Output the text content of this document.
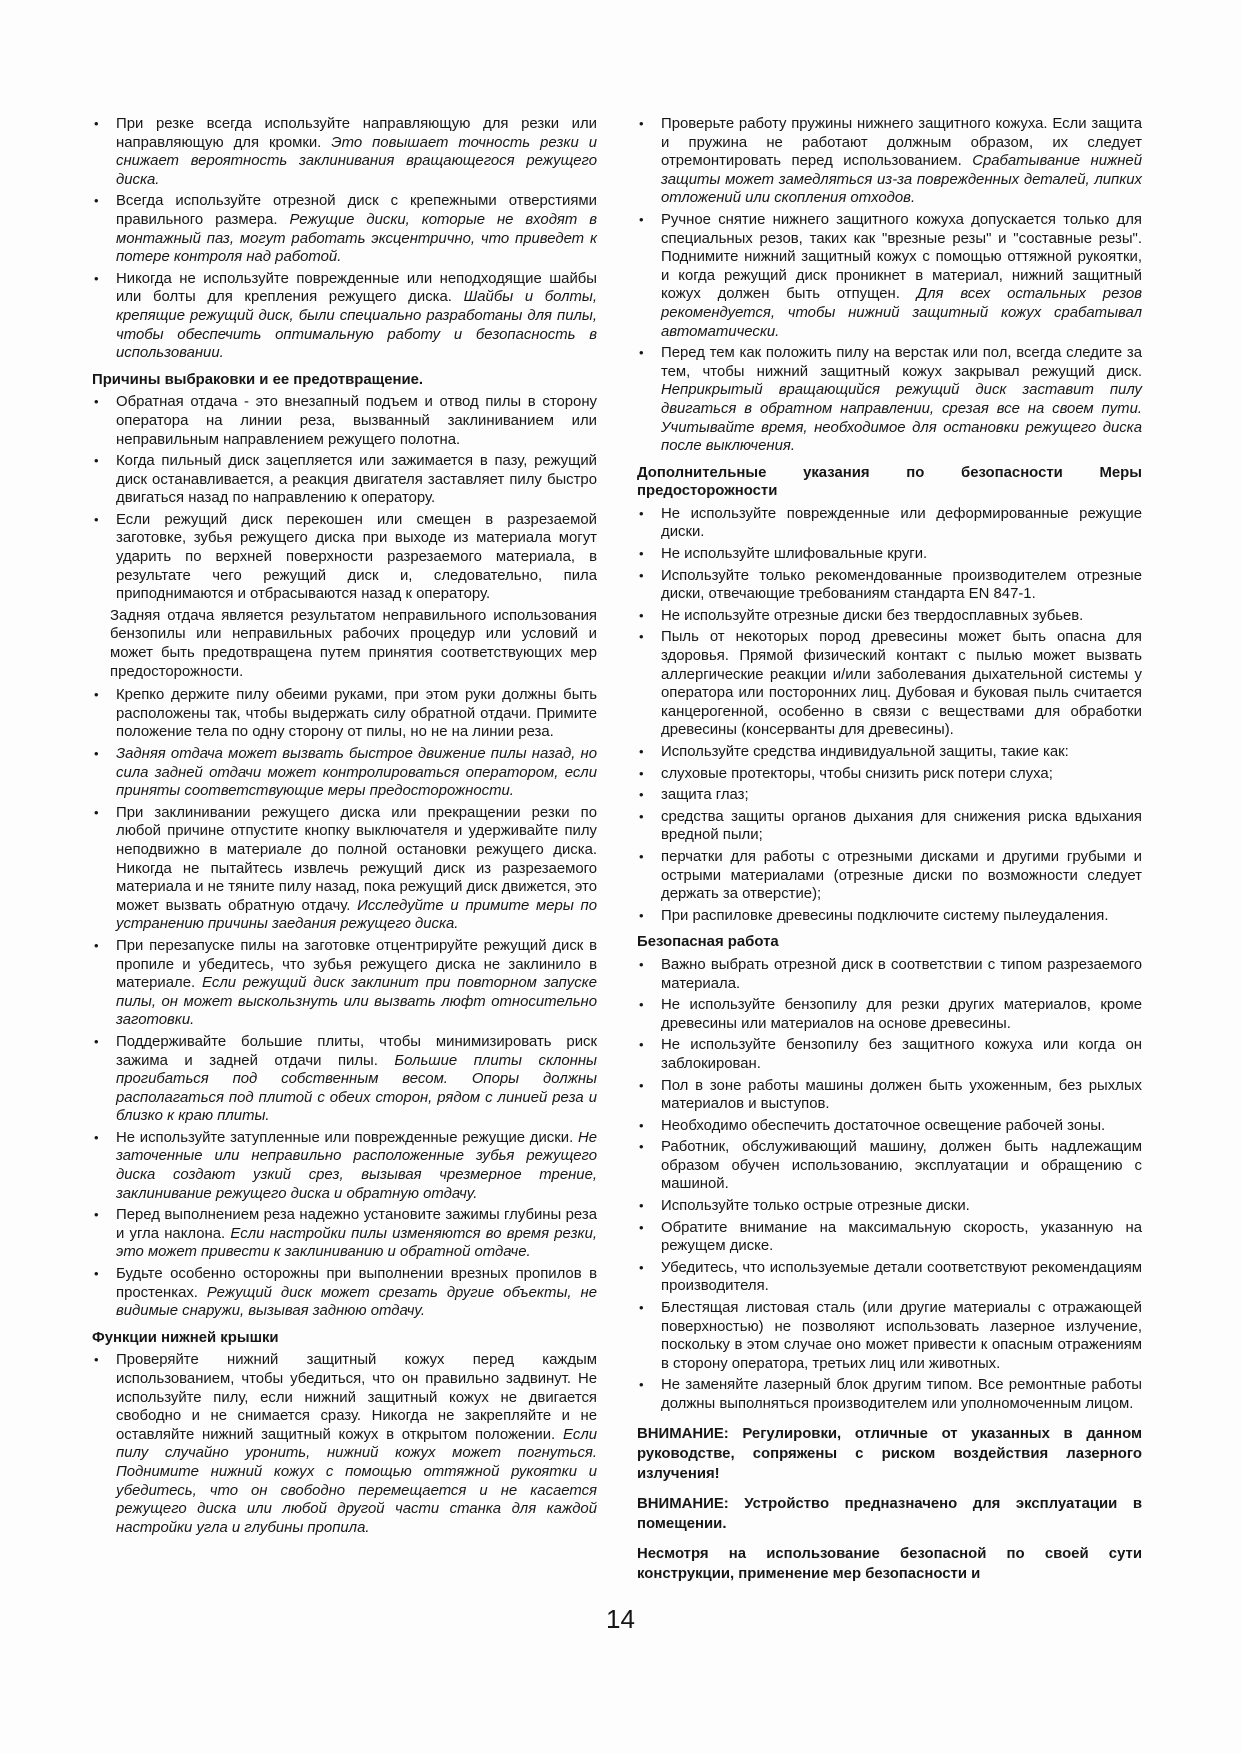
• При резке всегда используйте направляющую для резки или направляющую для кромки. Это повышает точность резки и снижает вероятность заклинивания вращающегося режущего диска.
• Всегда используйте отрезной диск с крепежными отверстиями правильного размера. Режущие диски, которые не входят в монтажный паз, могут работать эксцентрично, что приведет к потере контроля над работой.
• Никогда не используйте поврежденные или неподходящие шайбы или болты для крепления режущего диска. Шайбы и болты, крепящие режущий диск, были специально разработаны для пилы, чтобы обеспечить оптимальную работу и безопасность в использовании.
Причины выбраковки и ее предотвращение.
• Обратная отдача - это внезапный подъем и отвод пилы в сторону оператора на линии реза, вызванный заклиниванием или неправильным направлением режущего полотна.
• Когда пильный диск зацепляется или зажимается в пазу, режущий диск останавливается, а реакция двигателя заставляет пилу быстро двигаться назад по направлению к оператору.
• Если режущий диск перекошен или смещен в разрезаемой заготовке, зубья режущего диска при выходе из материала могут ударить по верхней поверхности разрезаемого материала, в результате чего режущий диск и, следовательно, пила приподнимаются и отбрасываются назад к оператору.

Задняя отдача является результатом неправильного использования бензопилы или неправильных рабочих процедур или условий и может быть предотвращена путем принятия соответствующих мер предосторожности.

• Крепко держите пилу обеими руками, при этом руки должны быть расположены так, чтобы выдержать силу обратной отдачи. Примите положение тела по одну сторону от пилы, но не на линии реза.
• Задняя отдача может вызвать быстрое движение пилы назад, но сила задней отдачи может контролироваться оператором, если приняты соответствующие меры предосторожности.
• При заклинивании режущего диска или прекращении резки по любой причине отпустите кнопку выключателя и удерживайте пилу неподвижно в материале до полной остановки режущего диска. Никогда не пытайтесь извлечь режущий диск из разрезаемого материала и не тяните пилу назад, пока режущий диск движется, это может вызвать обратную отдачу. Исследуйте и примите меры по устранению причины заедания режущего диска.
• При перезапуске пилы на заготовке отцентрируйте режущий диск в пропиле и убедитесь, что зубья режущего диска не заклинило в материале. Если режущий диск заклинит при повторном запуске пилы, он может выскользнуть или вызвать люфт относительно заготовки.
• Поддерживайте большие плиты, чтобы минимизировать риск зажима и задней отдачи пилы. Большие плиты склонны прогибаться под собственным весом. Опоры должны располагаться под плитой с обеих сторон, рядом с линией реза и близко к краю плиты.
• Не используйте затупленные или поврежденные режущие диски. Не заточенные или неправильно расположенные зубья режущего диска создают узкий срез, вызывая чрезмерное трение, заклинивание режущего диска и обратную отдачу.
• Перед выполнением реза надежно установите зажимы глубины реза и угла наклона. Если настройки пилы изменяются во время резки, это может привести к заклиниванию и обратной отдаче.
• Будьте особенно осторожны при выполнении врезных пропилов в простенках. Режущий диск может срезать другие объекты, не видимые снаружи, вызывая заднюю отдачу.
Функции нижней крышки
• Проверяйте нижний защитный кожух перед каждым использованием, чтобы убедиться, что он правильно задвинут. Не используйте пилу, если нижний защитный кожух не двигается свободно и не снимается сразу. Никогда не закрепляйте и не оставляйте нижний защитный кожух в открытом положении. Если пилу случайно уронить, нижний кожух может погнуться. Поднимите нижний кожух с помощью оттяжной рукоятки и убедитесь, что он свободно перемещается и не касается режущего диска или любой другой части станка для каждой настройки угла и глубины пропила.
• Проверьте работу пружины нижнего защитного кожуха. Если защита и пружина не работают должным образом, их следует отремонтировать перед использованием. Срабатывание нижней защиты может замедляться из-за поврежденных деталей, липких отложений или скопления отходов.
• Ручное снятие нижнего защитного кожуха допускается только для специальных резов, таких как "врезные резы" и "составные резы". Поднимите нижний защитный кожух с помощью оттяжной рукоятки, и когда режущий диск проникнет в материал, нижний защитный кожух должен быть отпущен. Для всех остальных резов рекомендуется, чтобы нижний защитный кожух срабатывал автоматически.
• Перед тем как положить пилу на верстак или пол, всегда следите за тем, чтобы нижний защитный кожух закрывал режущий диск. Неприкрытый вращающийся режущий диск заставит пилу двигаться в обратном направлении, срезая все на своем пути. Учитывайте время, необходимое для остановки режущего диска после выключения.
Дополнительные указания по безопасности Меры предосторожности
• Не используйте поврежденные или деформированные режущие диски.
• Не используйте шлифовальные круги.
• Используйте только рекомендованные производителем отрезные диски, отвечающие требованиям стандарта EN 847-1.
• Не используйте отрезные диски без твердосплавных зубьев.
• Пыль от некоторых пород древесины может быть опасна для здоровья. Прямой физический контакт с пылью может вызвать аллергические реакции и/или заболевания дыхательной системы у оператора или посторонних лиц. Дубовая и буковая пыль считается канцерогенной, особенно в связи с веществами для обработки древесины (консерванты для древесины).
• Используйте средства индивидуальной защиты, такие как:
• слуховые протекторы, чтобы снизить риск потери слуха;
• защита глаз;
• средства защиты органов дыхания для снижения риска вдыхания вредной пыли;
• перчатки для работы с отрезными дисками и другими грубыми и острыми материалами (отрезные диски по возможности следует держать за отверстие);
• При распиловке древесины подключите систему пылеудаления.
Безопасная работа
• Важно выбрать отрезной диск в соответствии с типом разрезаемого материала.
• Не используйте бензопилу для резки других материалов, кроме древесины или материалов на основе древесины.
• Не используйте бензопилу без защитного кожуха или когда он заблокирован.
• Пол в зоне работы машины должен быть ухоженным, без рыхлых материалов и выступов.
• Необходимо обеспечить достаточное освещение рабочей зоны.
• Работник, обслуживающий машину, должен быть надлежащим образом обучен использованию, эксплуатации и обращению с машиной.
• Используйте только острые отрезные диски.
• Обратите внимание на максимальную скорость, указанную на режущем диске.
• Убедитесь, что используемые детали соответствуют рекомендациям производителя.
• Блестящая листовая сталь (или другие материалы с отражающей поверхностью) не позволяют использовать лазерное излучение, поскольку в этом случае оно может привести к опасным отражениям в сторону оператора, третьих лиц или животных.
• Не заменяйте лазерный блок другим типом. Все ремонтные работы должны выполняться производителем или уполномоченным лицом.

ВНИМАНИЕ: Регулировки, отличные от указанных в данном руководстве, сопряжены с риском воздействия лазерного излучения!

ВНИМАНИЕ: Устройство предназначено для эксплуатации в помещении.

Несмотря на использование безопасной по своей сути конструкции, применение мер безопасности и

14
